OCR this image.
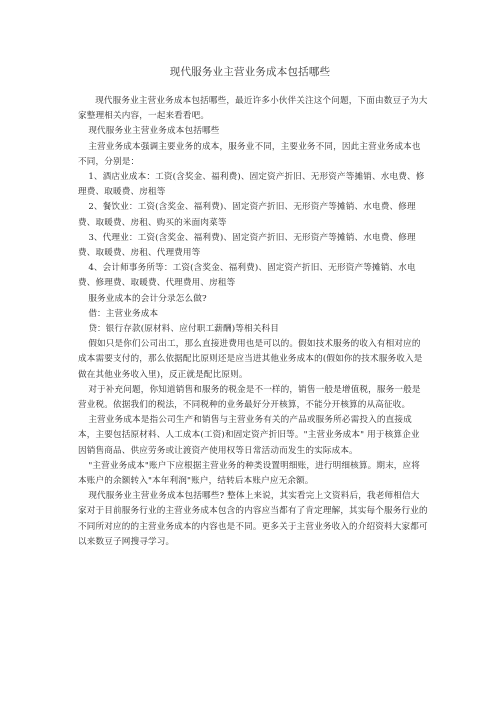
现代服务业主营业务成本包括哪些

现代服务业主营业务成本包括哪些，最近许多小伙伴关注这个问题，下面由数豆子为大家整理相关内容，一起来看看吧。

现代服务业主营业务成本包括哪些

主营业务成本强调主要业务的成本，服务业不同，主要业务不同，因此主营业务成本也不同，分别是：

1、酒店业成本：工资(含奖金、福利费)、固定资产折旧、无形资产等摊销、水电费、修理费、取暖费、房租等

2、餐饮业：工资(含奖金、福利费)、固定资产折旧、无形资产等摊销、水电费、修理费、取暖费、房租、购买的米面肉菜等

3、代理业：工资(含奖金、福利费)、固定资产折旧、无形资产等摊销、水电费、修理费、取暖费、房租、代理费用等

4、会计师事务所等：工资(含奖金、福利费)、固定资产折旧、无形资产等摊销、水电费、修理费、取暖费、代理费用、房租等

服务业成本的会计分录怎么做?

借：主营业务成本

贷：银行存款(原材料、应付职工薪酬)等相关科目

假如只是你们公司出工，那么直接进费用也是可以的。假如技术服务的收入有相对应的成本需要支付的，那么依据配比原则还是应当进其他业务成本的(假如你的技术服务收入是做在其他业务收入里)，反正就是配比原则。

对于补充问题，你知道销售和服务的税金是不一样的，销售一般是增值税，服务一般是营业税。依据我们的税法，不同税种的业务最好分开核算，不能分开核算的从高征收。

主营业务成本是指公司生产和销售与主营业务有关的产品或服务所必需投入的直接成本，主要包括原材料、人工成本(工资)和固定资产折旧等。"主营业务成本" 用于核算企业因销售商品、供应劳务或让渡资产使用权等日常活动而发生的实际成本。

"主营业务成本"账户下应根据主营业务的种类设置明细账，进行明细核算。期末，应将本账户的余额转入"本年利润"账户，结转后本账户应无余额。

现代服务业主营业务成本包括哪些? 整体上来说，其实看完上文资料后，我老师相信大家对于目前服务行业的主营业务成本包含的内容应当都有了肯定理解，其实每个服务行业的不同所对应的的主营业务成本的内容也是不同。更多关于主营业务收入的介绍资料大家都可以来数豆子网搜寻学习。
